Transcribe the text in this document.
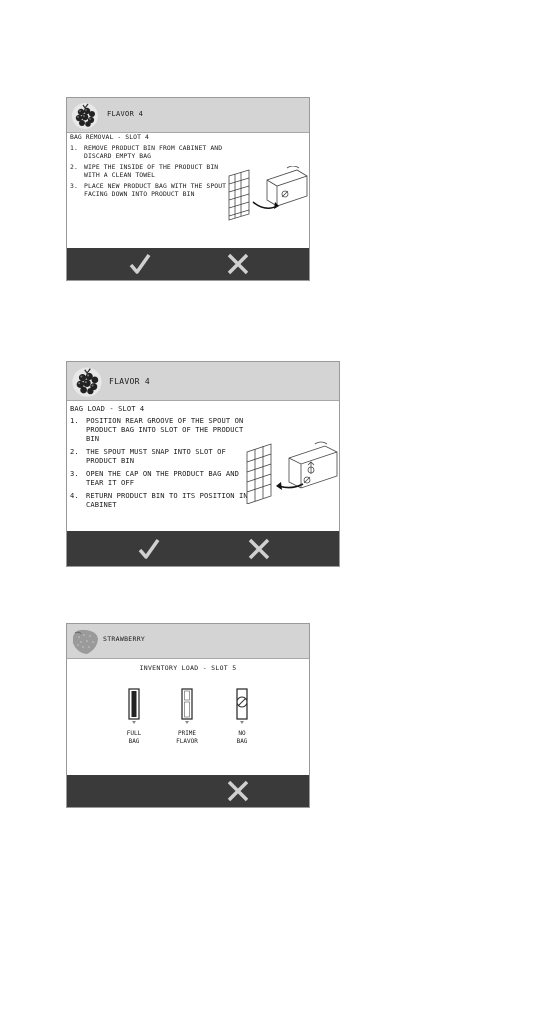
FLAVOR 4
BAG REMOVAL - SLOT 4
1. REMOVE PRODUCT BIN FROM CABINET AND DISCARD EMPTY BAG
2. WIPE THE INSIDE OF THE PRODUCT BIN WITH A CLEAN TOWEL
3. PLACE NEW PRODUCT BAG WITH THE SPOUT FACING DOWN INTO PRODUCT BIN
FLAVOR 4
BAG LOAD - SLOT 4
1.	POSITION REAR GROOVE OF THE SPOUT ON PRODUCT BAG INTO SLOT OF THE PRODUCT BIN
2.	THE SPOUT MUST SNAP INTO SLOT OF PRODUCT BIN
3.	OPEN THE CAP ON THE PRODUCT BAG AND TEAR IT OFF
4.	RETURN PRODUCT BIN TO ITS POSITION IN CABINET
STRAWBERRY
INVENTORY LOAD - SLOT 5
FULL
BAG
PRIME
FLAVOR
NO
BAG
